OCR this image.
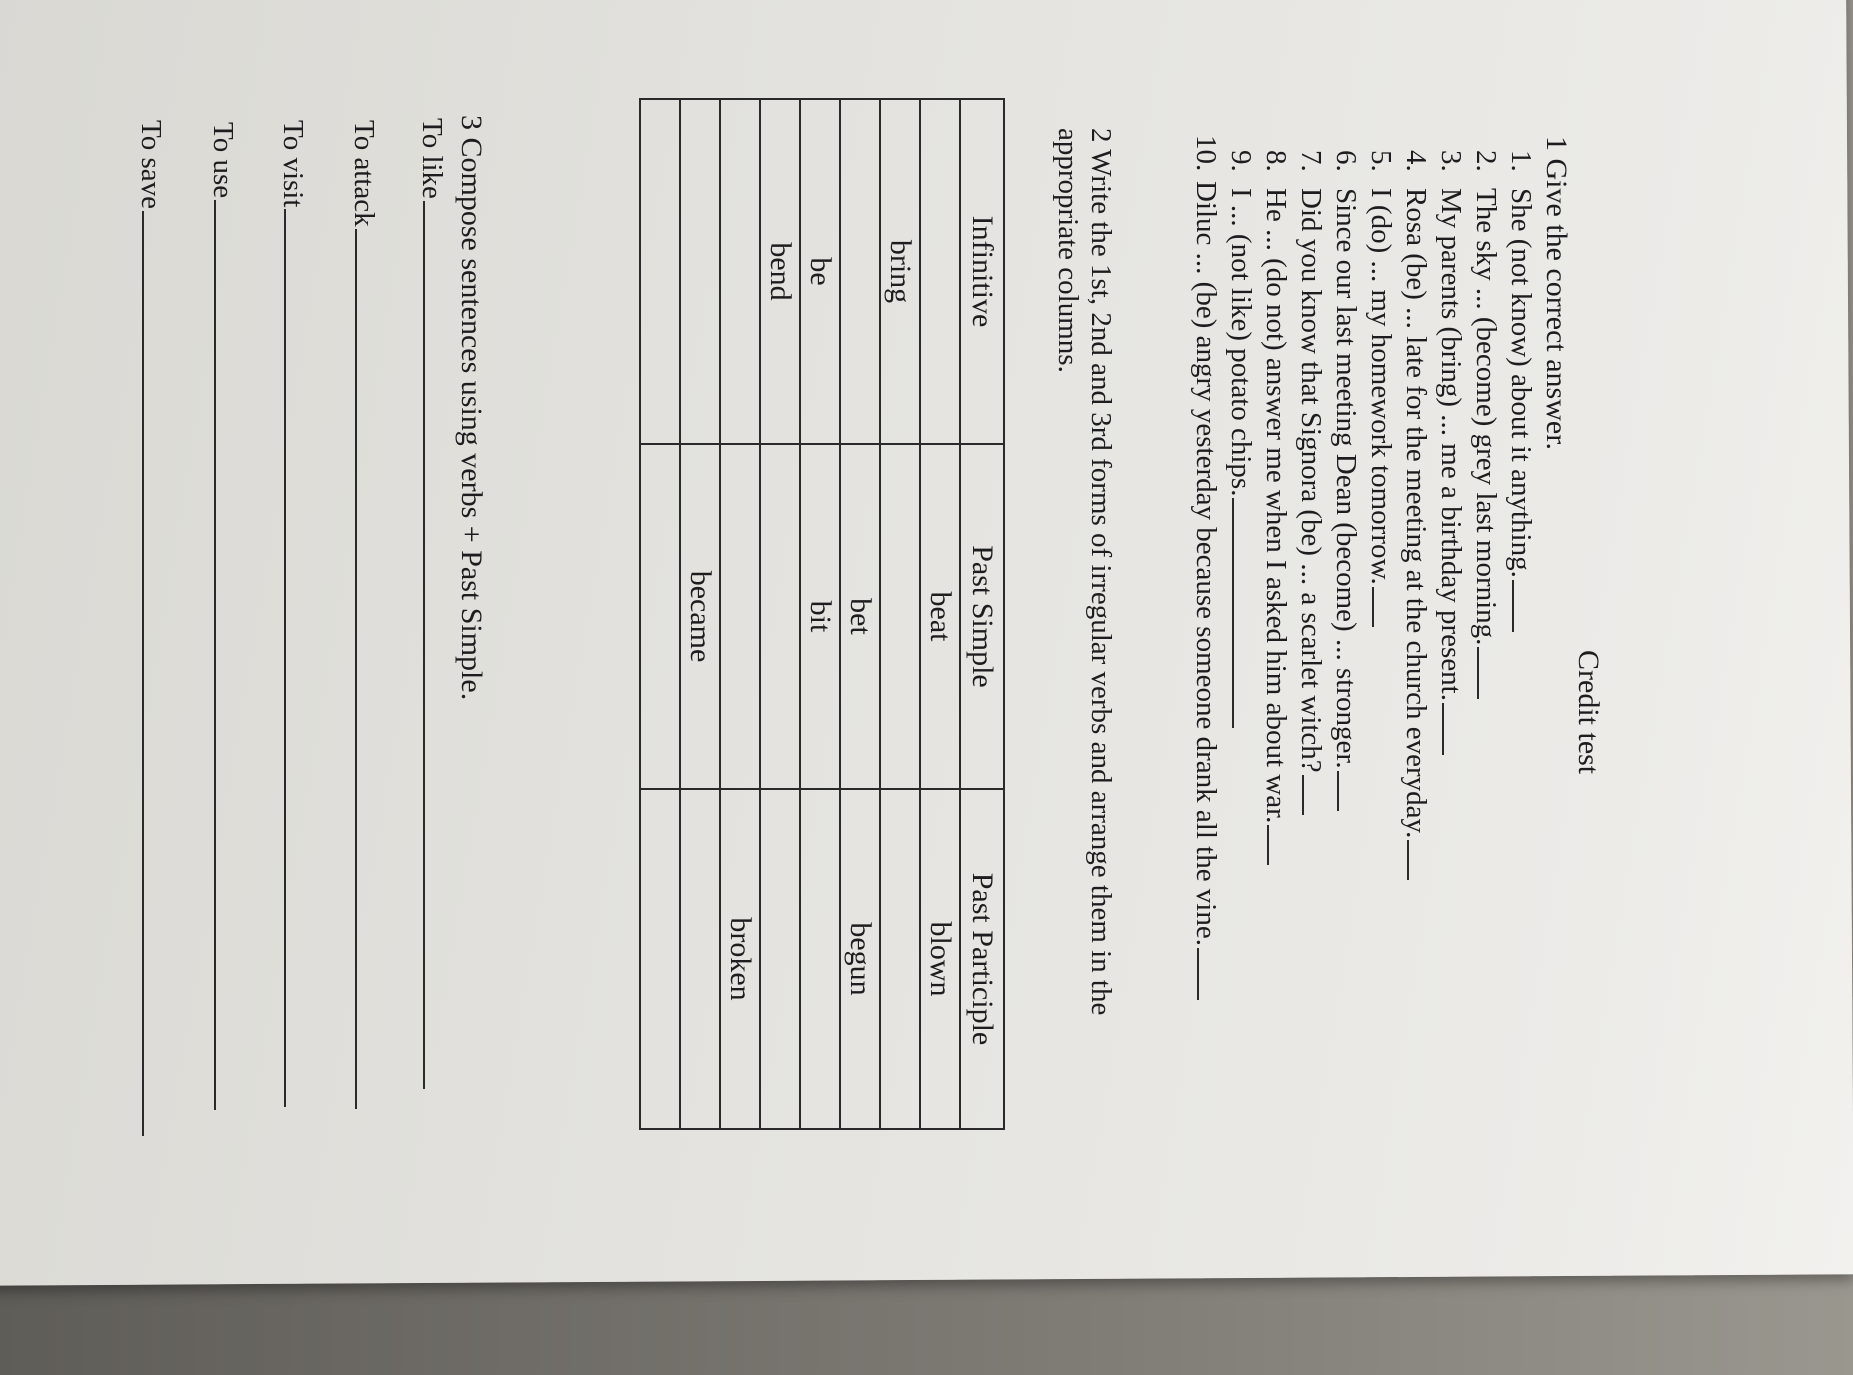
Credit test
1 Give the correct answer.
1.She (not know) about it anything.
2.The sky ... (become) grey last morning.
3.My parents (bring) ... me a birthday present.
4.Rosa (be) ... late for the meeting at the church everyday.
5.I (do) ... my homework tomorrow.
6.Since our last meeting Dean (become) ... stronger.
7.Did you know that Signora (be) ... a scarlet witch?
8.He ... (do not) answer me when I asked him about war.
9.I ... (not like) potato chips.
10.Diluc ... (be) angry yesterday because someone drank all the vine.
2 Write the 1st, 2nd and 3rd forms of irregular verbs and arrange them in the appropriate columns.
Infinitive	Past Simple	Past Participle
	beat	blown
bring		
	bet	begun
be	bit	
bend		
		broken
	became	

3 Compose sentences using verbs + Past Simple.
To like
To attack
To visit
To use
To save
